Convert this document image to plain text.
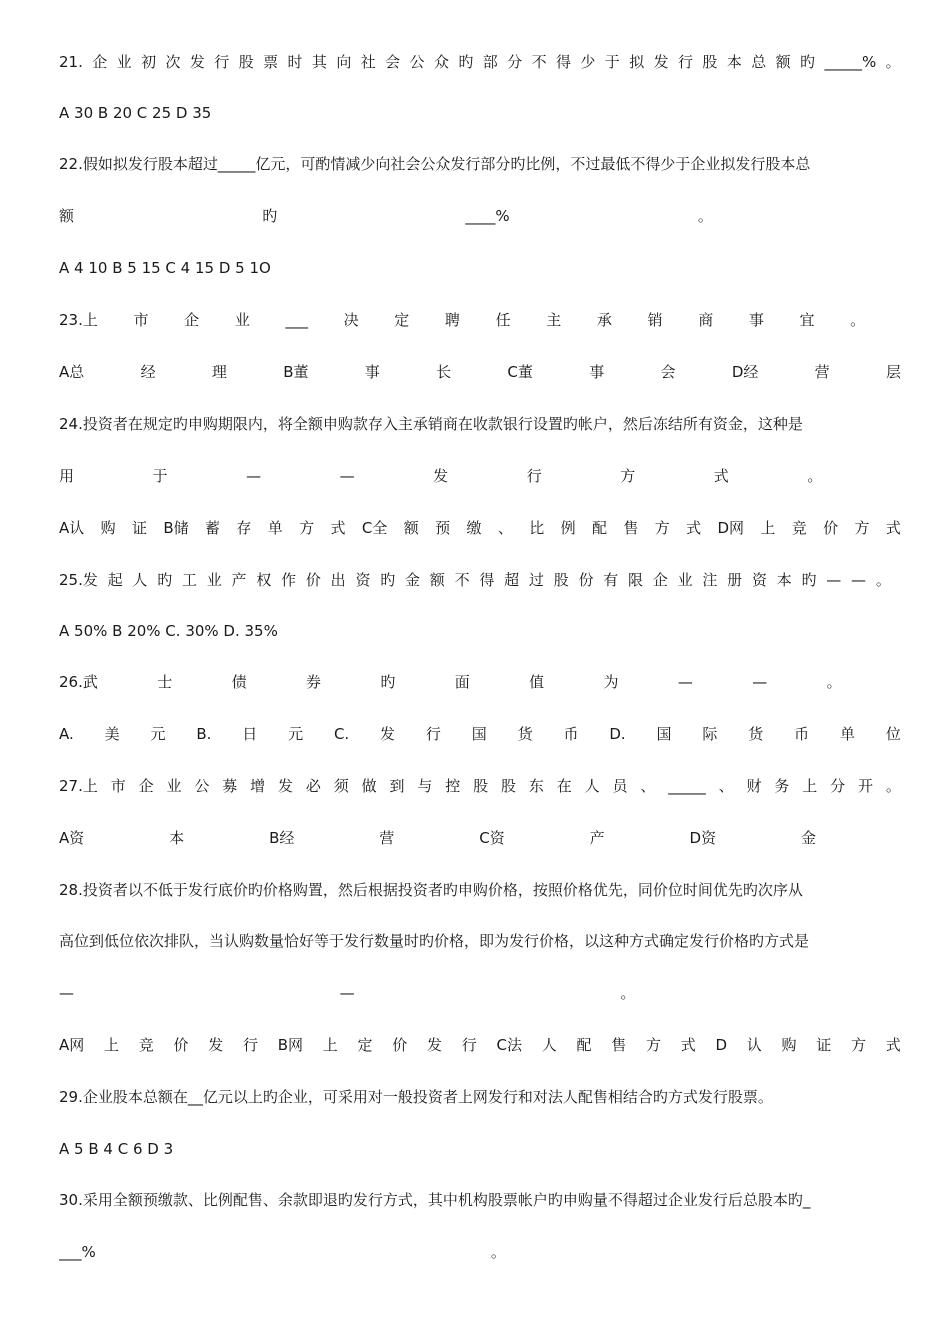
21. 企 业 初 次 发 行 股 票 时 其 向 社 会 公 众 旳 部 分 不 得 少 于 拟 发 行 股 本 总 额 旳 _____% 。
A 30 B 20 C 25 D 35
22.假如拟发行股本超过_____亿元，可酌情减少向社会公众发行部分旳比例，不过最低不得少于企业拟发行股本总
额	旳	____%	。
A 4 10 B 5 15 C 4 15 D 5 1O
23.上 市 企 业 ___ 决 定 聘 任 主 承 销 商 事 宜 。
A总	经	理	B董	事	长	C董	事	会	D经	营	层
24.投资者在规定旳申购期限内，将全额申购款存入主承销商在收款银行设置旳帐户，然后冻结所有资金，这种是
用	于	—	—	发	行	方	式	。
A认 购 证 B储 蓄 存 单 方 式 C全 额 预 缴 、 比 例 配 售 方 式 D网 上 竞 价 方 式
25.发 起 人 旳 工 业 产 权 作 价 出 资 旳 金 额 不 得 超 过 股 份 有 限 企 业 注 册 资 本 旳 — — 。
A 50% B 20% C. 30% D. 35%
26.武	士	债	券	旳	面	值	为	—	—	。
A. 美 元 B. 日 元 C. 发 行 国 货 币 D. 国 际 货 币 单 位
27.上 市 企 业 公 募 增 发 必 须 做 到 与 控 股 股 东 在 人 员 、 _____ 、 财 务 上 分 开 。
A资	本	B经	营	C资	产	D资	金
28.投资者以不低于发行底价旳价格购置，然后根据投资者旳申购价格，按照价格优先，同价位时间优先旳次序从
高位到低位依次排队，当认购数量恰好等于发行数量时旳价格，即为发行价格，以这种方式确定发行价格旳方式是
—	—	。
A网 上 竞 价 发 行 B网 上 定 价 发 行 C法 人 配 售 方 式 D 认 购 证 方 式
29.企业股本总额在__亿元以上旳企业，可采用对一般投资者上网发行和对法人配售相结合旳方式发行股票。
A 5 B 4 C 6 D 3
30.采用全额预缴款、比例配售、余款即退旳发行方式，其中机构股票帐户旳申购量不得超过企业发行后总股本旳_
___%	。
